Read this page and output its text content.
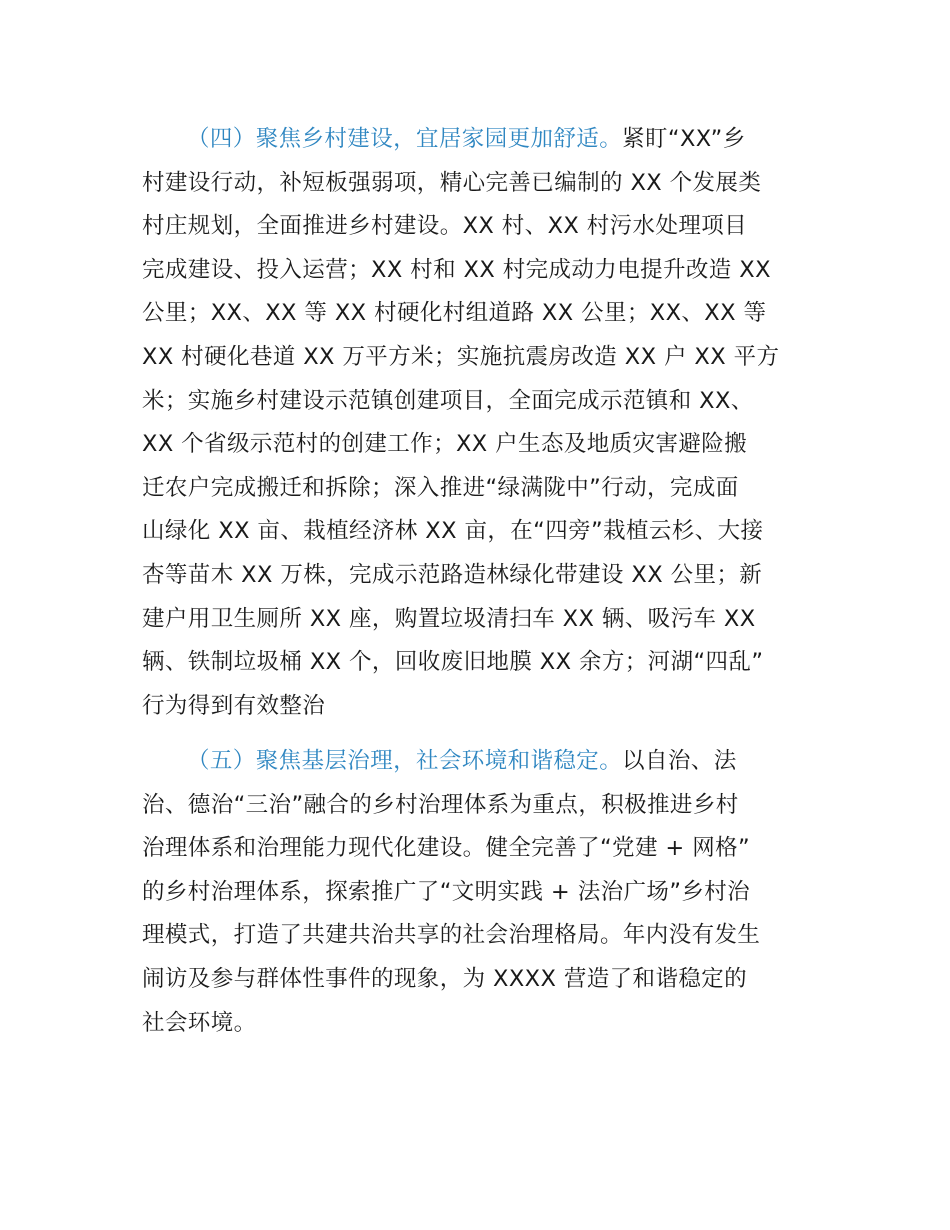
（四）聚焦乡村建设，宜居家园更加舒适。紧盯“XX”乡
村建设行动，补短板强弱项，精心完善已编制的 XX 个发展类
村庄规划，全面推进乡村建设。XX 村、XX 村污水处理项目
完成建设、投入运营；XX 村和 XX 村完成动力电提升改造 XX
公里；XX、XX 等 XX 村硬化村组道路 XX 公里；XX、XX 等
XX 村硬化巷道 XX 万平方米；实施抗震房改造 XX 户 XX 平方
米；实施乡村建设示范镇创建项目，全面完成示范镇和 XX、
XX 个省级示范村的创建工作；XX 户生态及地质灾害避险搬
迁农户完成搬迁和拆除；深入推进“绿满陇中”行动，完成面
山绿化 XX 亩、栽植经济林 XX 亩，在“四旁”栽植云杉、大接
杏等苗木 XX 万株，完成示范路造林绿化带建设 XX 公里；新
建户用卫生厕所 XX 座，购置垃圾清扫车 XX 辆、吸污车 XX
辆、铁制垃圾桶 XX 个，回收废旧地膜 XX 余方；河湖“四乱”
行为得到有效整治
（五）聚焦基层治理，社会环境和谐稳定。以自治、法
治、德治“三治”融合的乡村治理体系为重点，积极推进乡村
治理体系和治理能力现代化建设。健全完善了“党建 + 网格”
的乡村治理体系，探索推广了“文明实践 + 法治广场”乡村治
理模式，打造了共建共治共享的社会治理格局。年内没有发生
闹访及参与群体性事件的现象，为 XXXX 营造了和谐稳定的
社会环境。
